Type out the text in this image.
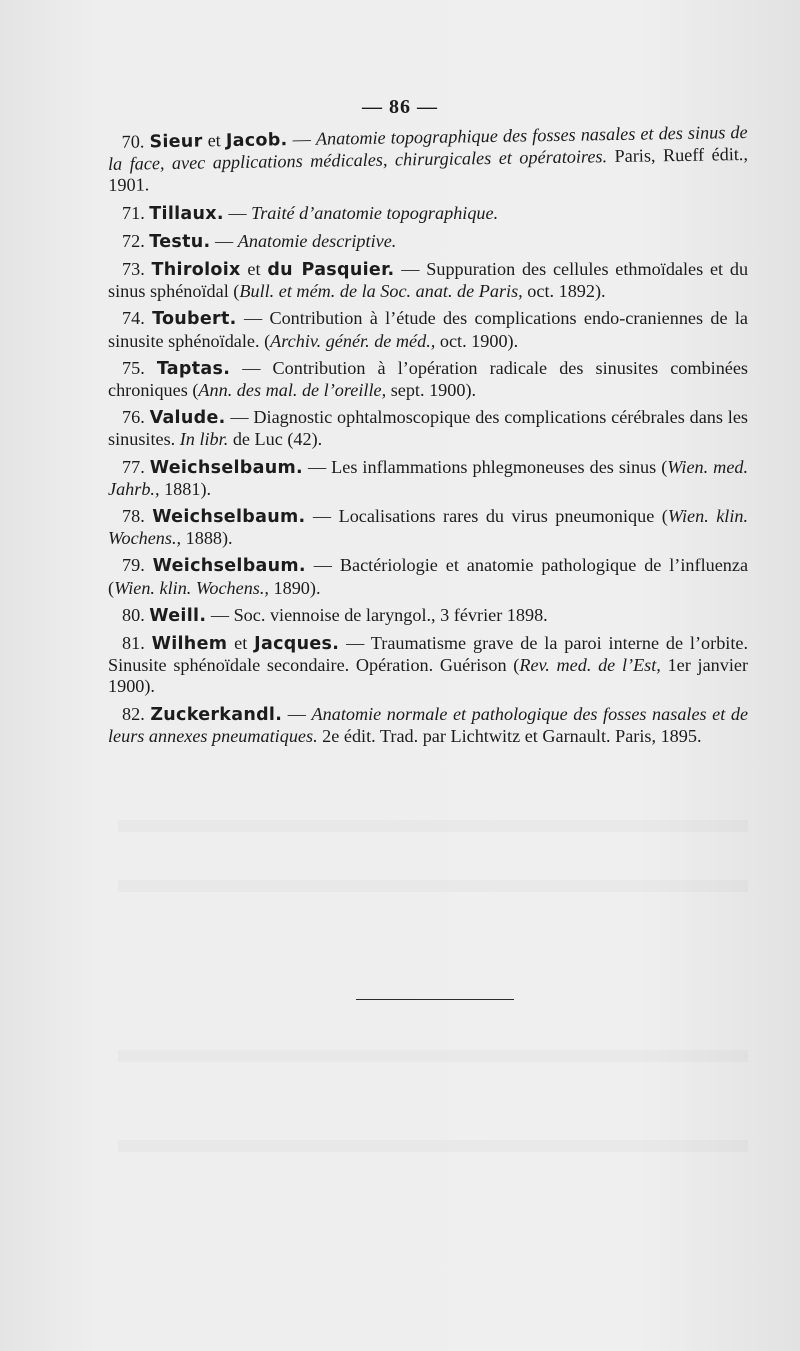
— 86 —

70. Sieur et Jacob. — Anatomie topographique des fosses nasales et des sinus de la face, avec applications médicales, chirurgicales et opératoires. Paris, Rueff édit., 1901.

71. Tillaux. — Traité d’anatomie topographique.

72. Testu. — Anatomie descriptive.

73. Thiroloix et du Pasquier. — Suppuration des cellules ethmoïdales et du sinus sphénoïdal (Bull. et mém. de la Soc. anat. de Paris, oct. 1892).

74. Toubert. — Contribution à l’étude des complications endo-craniennes de la sinusite sphénoïdale. (Archiv. génér. de méd., oct. 1900).

75. Taptas. — Contribution à l’opération radicale des sinusites combinées chroniques (Ann. des mal. de l’oreille, sept. 1900).

76. Valude. — Diagnostic ophtalmoscopique des complications cérébrales dans les sinusites. In libr. de Luc (42).

77. Weichselbaum. — Les inflammations phlegmoneuses des sinus (Wien. med. Jahrb., 1881).

78. Weichselbaum. — Localisations rares du virus pneumonique (Wien. klin. Wochens., 1888).

79. Weichselbaum. — Bactériologie et anatomie pathologique de l’influenza (Wien. klin. Wochens., 1890).

80. Weill. — Soc. viennoise de laryngol., 3 février 1898.

81. Wilhem et Jacques. — Traumatisme grave de la paroi interne de l’orbite. Sinusite sphénoïdale secondaire. Opération. Guérison (Rev. med. de l’Est, 1er janvier 1900).

82. Zuckerkandl. — Anatomie normale et pathologique des fosses nasales et de leurs annexes pneumatiques. 2e édit. Trad. par Lichtwitz et Garnault. Paris, 1895.
